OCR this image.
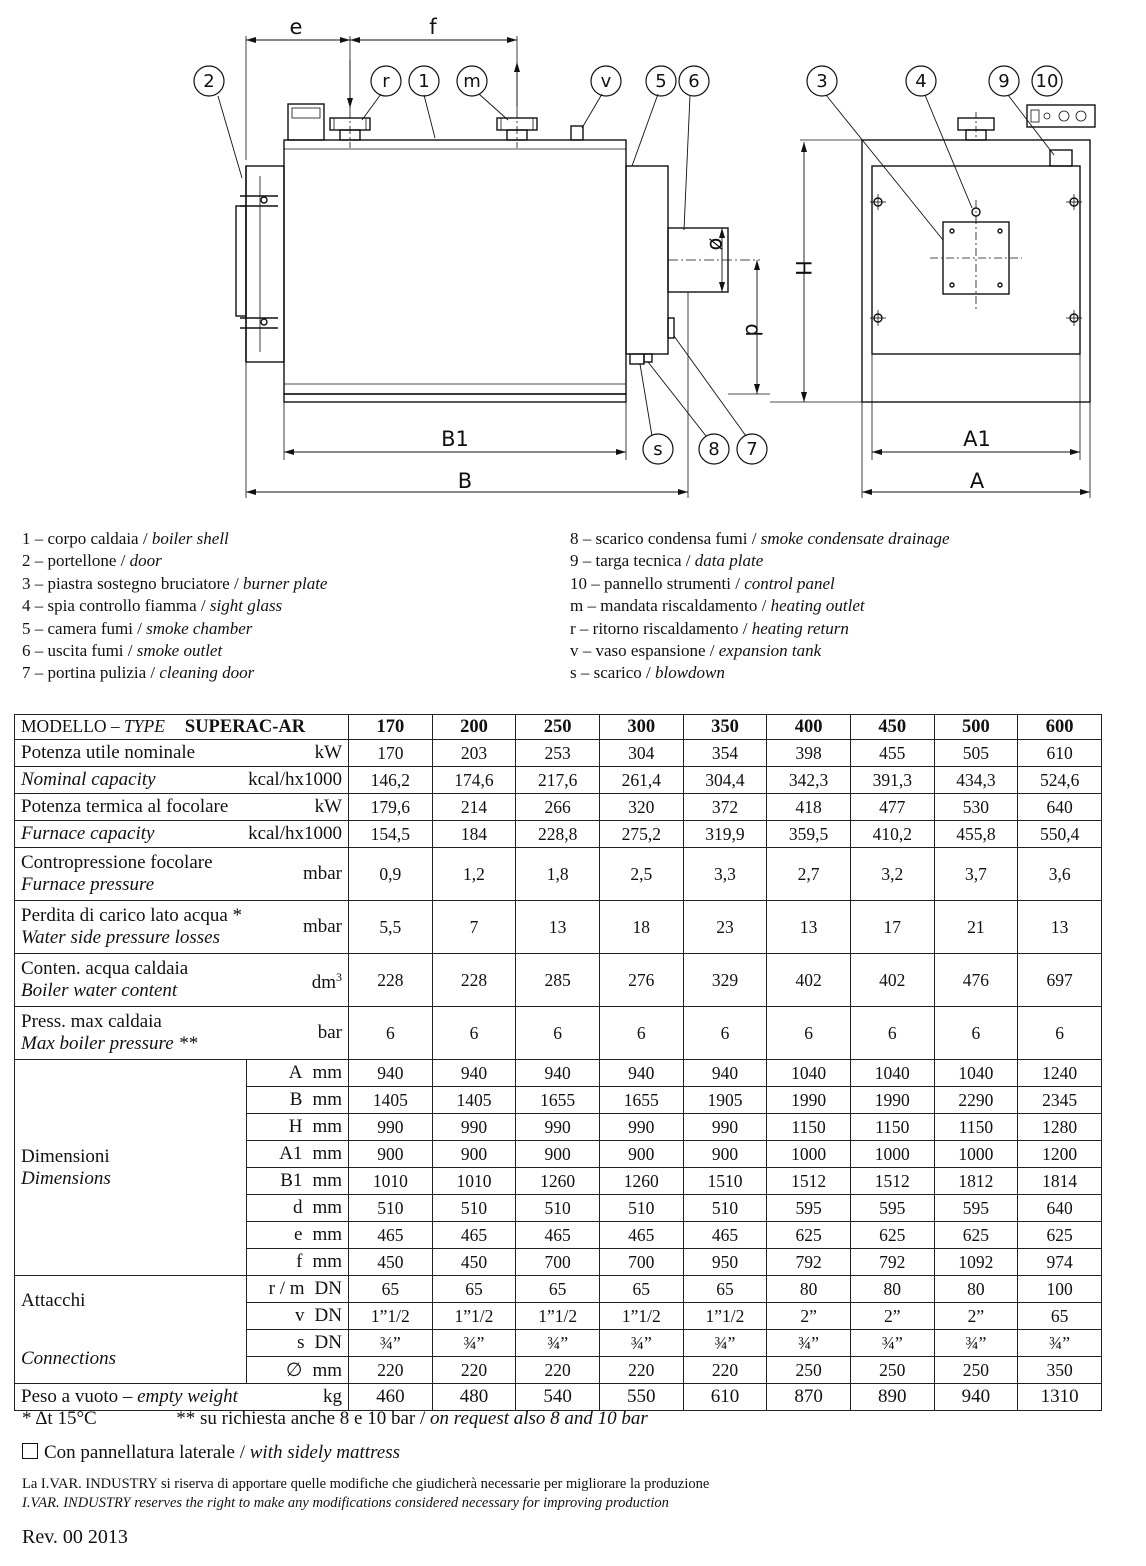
e	f
B1
B
A1
A
H
d
ø
2	r 1 m	v 5 6
s	8 7
3	4	9 10
1 – corpo caldaia / boiler shell
2 – portellone / door
3 – piastra sostegno bruciatore / burner plate
4 – spia controllo fiamma / sight glass
5 – camera fumi / smoke chamber
6 – uscita fumi / smoke outlet
7 – portina pulizia / cleaning door
8 – scarico condensa fumi / smoke condensate drainage
9 – targa tecnica / data plate
10 – pannello strumenti / control panel
m – mandata riscaldamento / heating outlet
r – ritorno riscaldamento / heating return
v – vaso espansione / expansion tank
s – scarico / blowdown
MODELLO – TYPE SUPERAC-AR		170	200	250	300	350	400	450	500	600
Potenza utile nominale kW		170	203	253	304	354	398	455	505	610
Nominal capacity kcal/hx1000		146,2	174,6	217,6	261,4	304,4	342,3	391,3	434,3	524,6
Potenza termica al focolare kW		179,6	214	266	320	372	418	477	530	640
Furnace capacity kcal/hx1000		154,5	184	228,8	275,2	319,9	359,5	410,2	455,8	550,4

Contropressione focolare
Furnace pressure
mbar		0,9	1,2	1,8	2,5	3,3	2,7	3,2	3,7	3,6

Perdita di carico lato acqua *
Water side pressure losses
mbar		5,5	7	13	18	23	13	17	21	13

Conten. acqua caldaia
Boiler water content $dm^3$		228	228	285	276	329	402	402	476	697

Press. max caldaia
Max boiler pressure **
bar		6	6	6	6	6	6	6	6	6

Dimensioni
Dimensions	A mm	940	940	940	940	940	1040	1040	1040	1240
	B mm	1405	1405	1655	1655	1905	1990	1990	2290	2345
	H mm	990	990	990	990	990	1150	1150	1150	1280
	A1 mm	900	900	900	900	900	1000	1000	1000	1200
	B1 mm	1010	1010	1260	1260	1510	1512	1512	1812	1814
	d mm	510	510	510	510	510	595	595	595	640
	e mm	465	465	465	465	465	625	625	625	625
	f mm	450	450	700	700	950	792	792	1092	974

Attacchi
Connections	r / m DN	65	65	65	65	65	80	80	80	100
	v DN	1”1/2	1”1/2	1”1/2	1”1/2	1”1/2	2”	2”	2”	65
	s DN	¾”	¾”	¾”	¾”	¾”	¾”	¾”	¾”	¾”
	∅ mm	220	220	220	220	220	250	250	250	350
Peso a vuoto – empty weight kg		460	480	540	550	610	870	890	940	1310
* Δt 15°C	** su richiesta anche 8 e 10 bar / on request also 8 and 10 bar
Con pannellatura laterale / with sidely mattress
La I.VAR. INDUSTRY si riserva di apportare quelle modifiche che giudicherà necessarie per migliorare la produzione
I.VAR. INDUSTRY reserves the right to make any modifications considered necessary for improving production
Rev. 00 2013
